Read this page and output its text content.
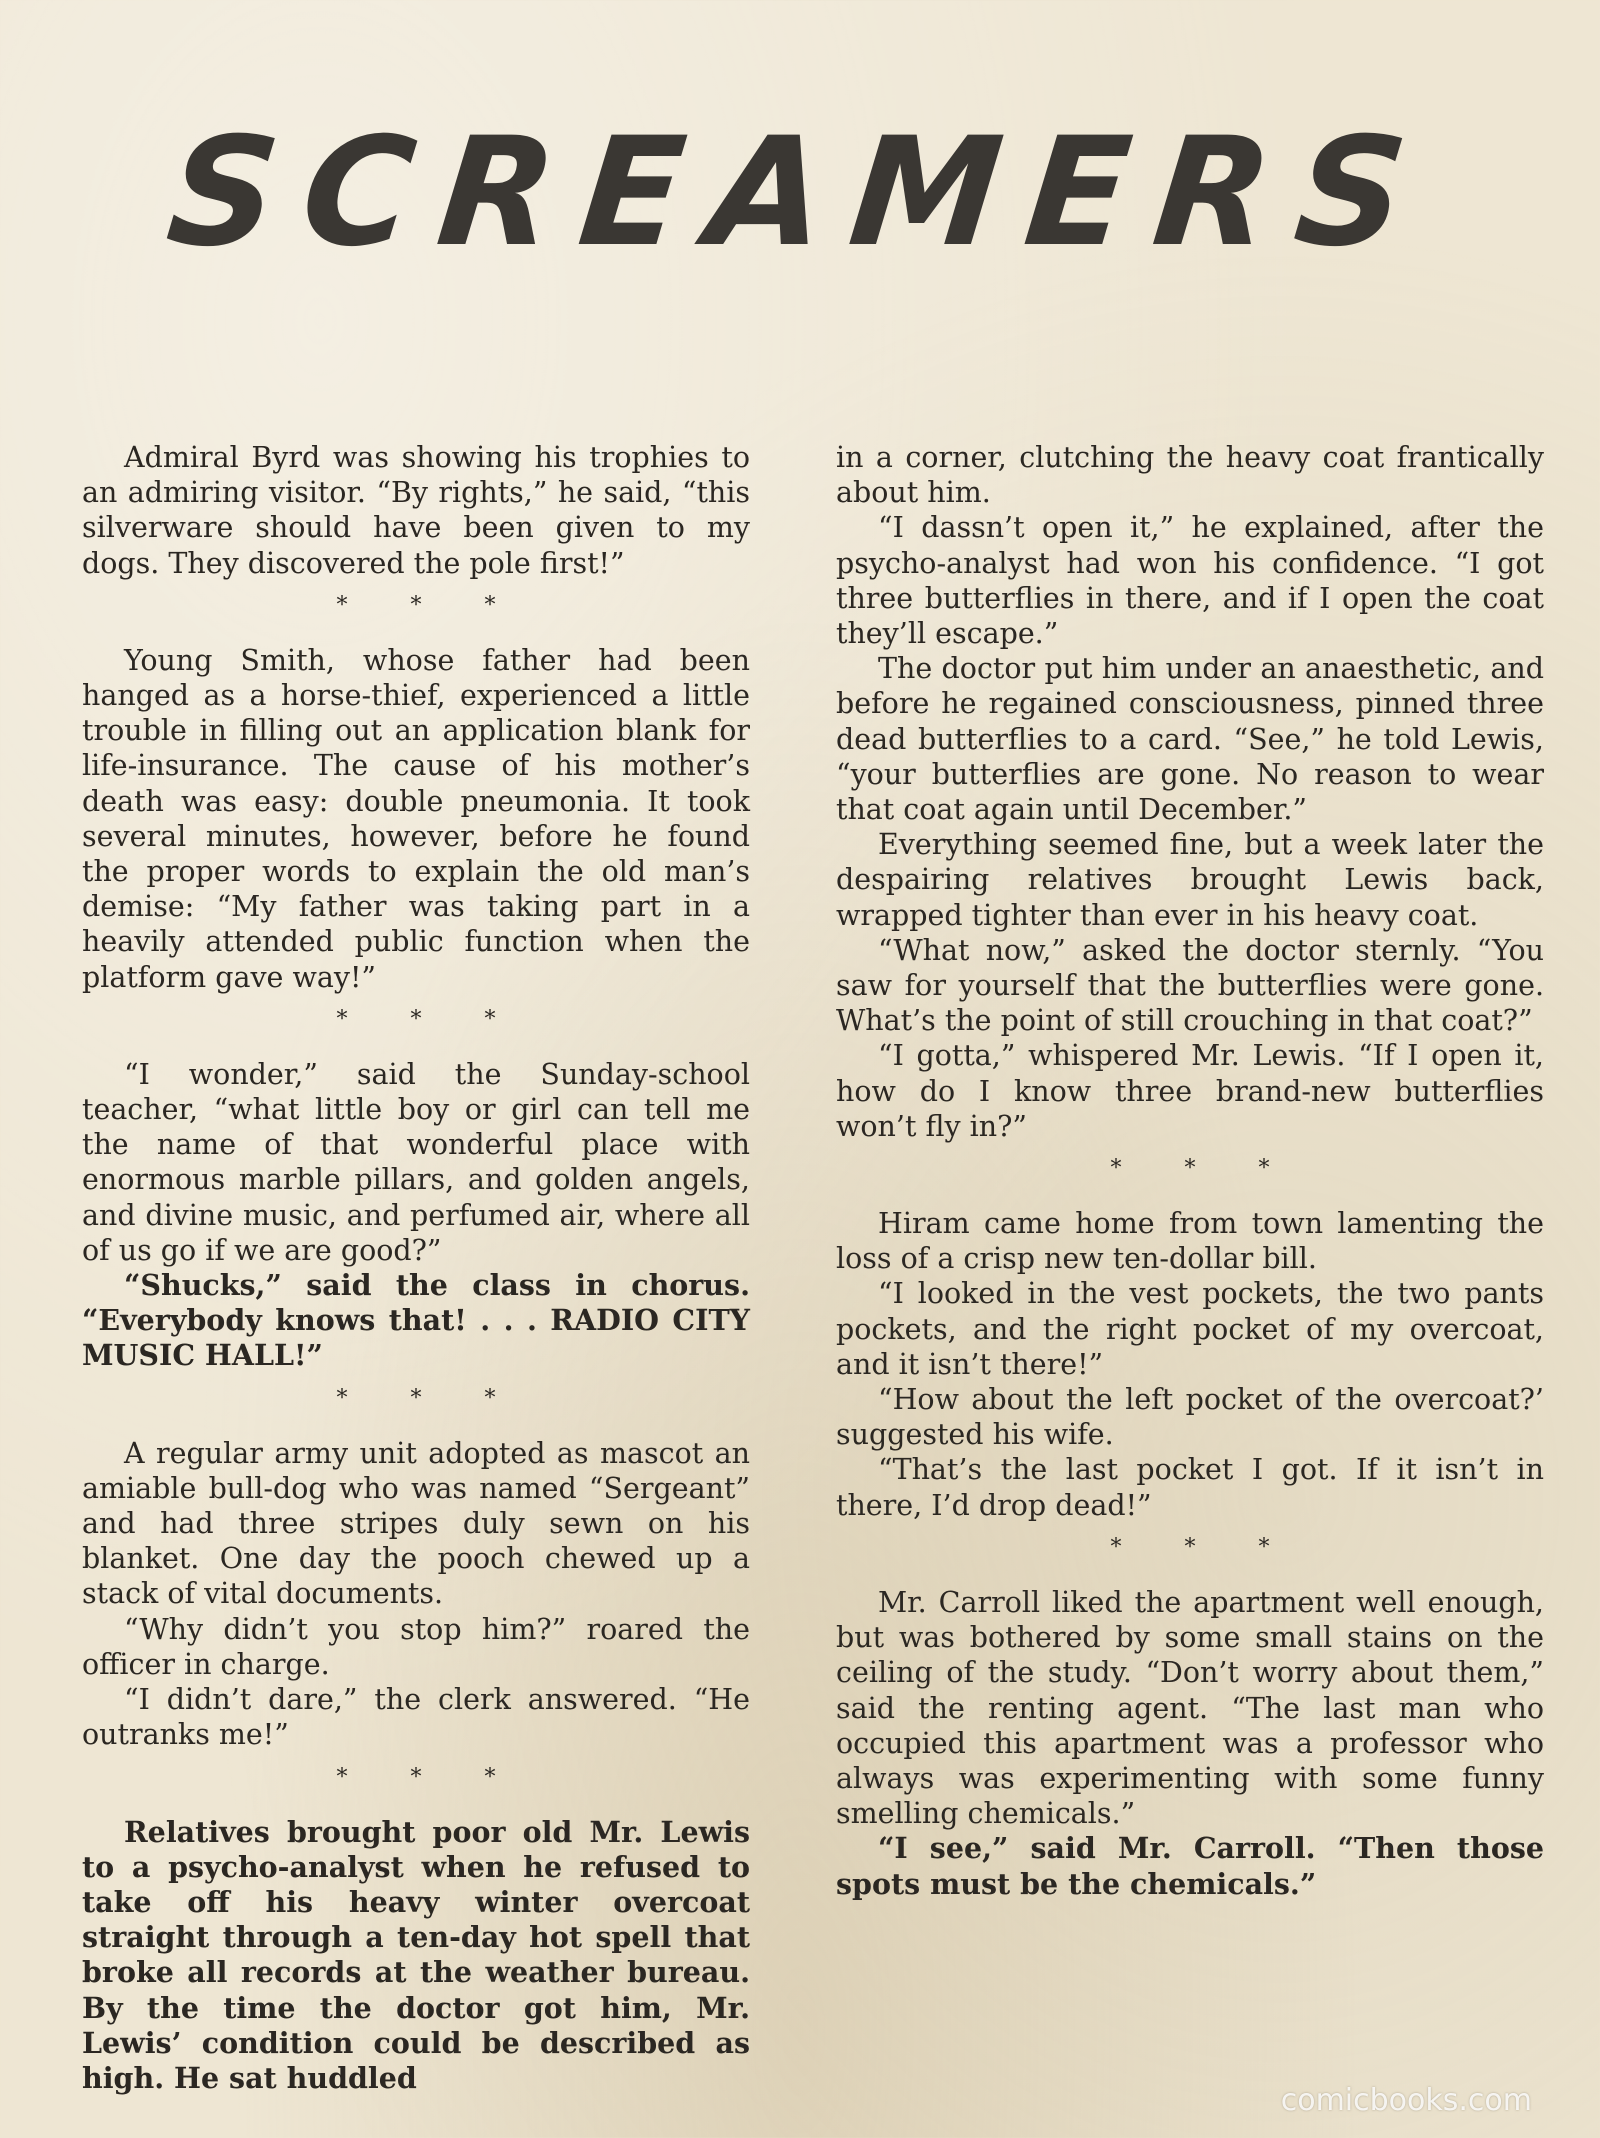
SCREAMERS

Admiral Byrd was showing his trophies to an admiring visitor. “By rights,” he said, “this silverware should have been given to my dogs. They discovered the pole first!”

* * *

Young Smith, whose father had been hanged as a horse-thief, experienced a little trouble in filling out an application blank for life-insurance. The cause of his mother’s death was easy: double pneumonia. It took several minutes, however, before he found the proper words to explain the old man’s demise: “My father was taking part in a heavily attended public function when the platform gave way!”

* * *

“I wonder,” said the Sunday-school teacher, “what little boy or girl can tell me the name of that wonderful place with enormous marble pillars, and golden angels, and divine music, and perfumed air, where all of us go if we are good?”

“Shucks,” said the class in chorus. “Everybody knows that! . . . RADIO CITY MUSIC HALL!”

* * *

A regular army unit adopted as mascot an amiable bull-dog who was named “Sergeant” and had three stripes duly sewn on his blanket. One day the pooch chewed up a stack of vital documents.

“Why didn’t you stop him?” roared the officer in charge.

“I didn’t dare,” the clerk answered. “He outranks me!”

* * *

Relatives brought poor old Mr. Lewis to a psycho-analyst when he refused to take off his heavy winter overcoat straight through a ten-day hot spell that broke all records at the weather bureau. By the time the doctor got him, Mr. Lewis’ condition could be described as high. He sat huddled

in a corner, clutching the heavy coat frantically about him.

“I dassn’t open it,” he explained, after the psycho-analyst had won his confidence. “I got three butterflies in there, and if I open the coat they’ll escape.”

The doctor put him under an anaesthetic, and before he regained consciousness, pinned three dead butterflies to a card. “See,” he told Lewis, “your butterflies are gone. No reason to wear that coat again until December.”

Everything seemed fine, but a week later the despairing relatives brought Lewis back, wrapped tighter than ever in his heavy coat.

“What now,” asked the doctor sternly. “You saw for yourself that the butterflies were gone. What’s the point of still crouching in that coat?”

“I gotta,” whispered Mr. Lewis. “If I open it, how do I know three brand-new butterflies won’t fly in?”

* * *

Hiram came home from town lamenting the loss of a crisp new ten-dollar bill.

“I looked in the vest pockets, the two pants pockets, and the right pocket of my overcoat, and it isn’t there!”

“How about the left pocket of the overcoat?’ suggested his wife.

“That’s the last pocket I got. If it isn’t in there, I’d drop dead!”

* * *

Mr. Carroll liked the apartment well enough, but was bothered by some small stains on the ceiling of the study. “Don’t worry about them,” said the renting agent. “The last man who occupied this apartment was a professor who always was experimenting with some funny smelling chemicals.”

“I see,” said Mr. Carroll. “Then those spots must be the chemicals.”

comicbooks.com
